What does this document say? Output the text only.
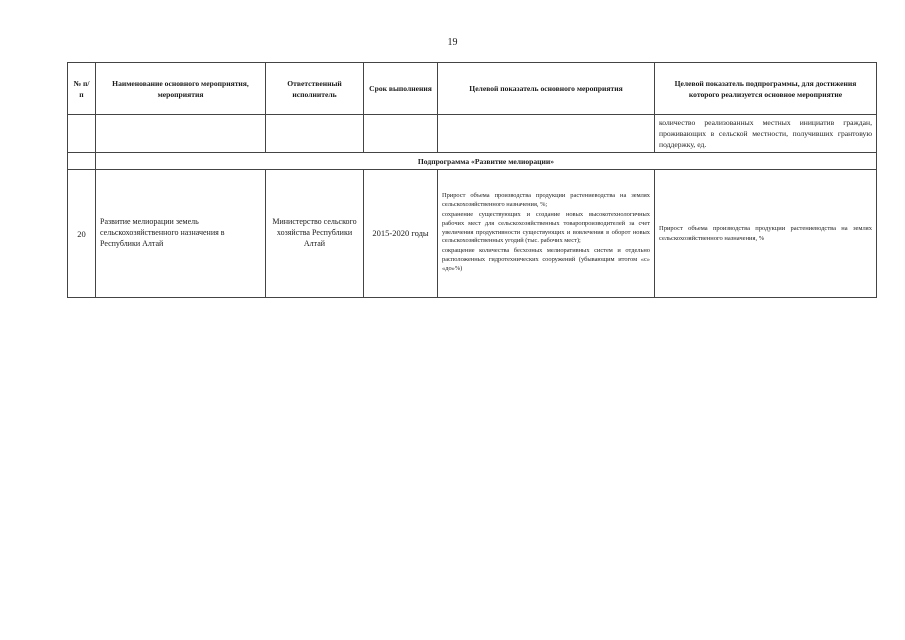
19
№ п/п	Наименование основного мероприятия, мероприятия	Ответственный исполнитель	Срок выполнения	Целевой показатель основного мероприятия	Целевой показатель подпрограммы, для достижения которого реализуется основное мероприятие
					количество реализованных местных инициатив граждан, проживающих в сельской местности, получивших грантовую поддержку, ед.
	Подпрограмма «Развитие мелиорации»				
20	Развитие мелиорации земель сельскохозяйственного назначения в Республики Алтай	Министерство сельского хозяйства Республики Алтай	2015-2020 годы	Прирост объема производства продукции растениеводства на землях сельскохозяйственного назначения, %;
сохранение существующих и создание новых высокотехнологичных рабочих мест для сельскохозяйственных товаропроизводителей за счет увеличения продуктивности существующих и вовлечения в оборот новых сельскохозяйственных угодий (тыс. рабочих мест);
сокращение количества бесхозных мелиоративных систем и отдельно расположенных гидротехнических сооружений (убывающим итогом «с» «до»%)	Прирост объема производства продукции растениеводства на землях сельскохозяйственного назначения, %
